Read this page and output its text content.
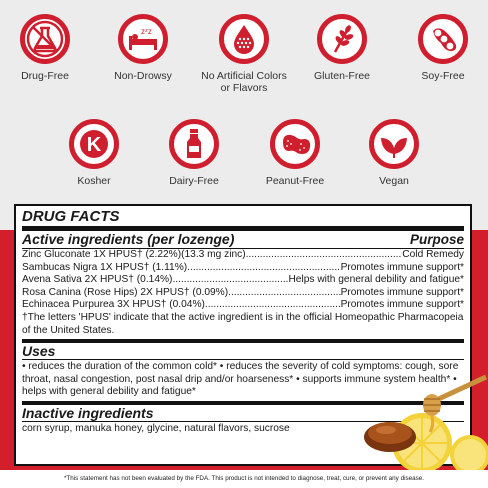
Drug-Free
zᶻz
Non-Drowsy	No Artificial Colors or Flavors
Gluten-Free	Soy-Free
K
Kosher	Dairy-Free	Peanut-Free	Vegan
DRUG FACTS
Active ingredients (per lozenge)	Purpose
Zinc Gluconate 1X HPUS† (2.22%)(13.3 mg zinc) .....	Cold Remedy
Sambucas Nigra 1X HPUS† (1.11%) .....	Promotes immune support*
Avena Sativa 2X HPUS† (0.14%) .....	Helps with general debility and fatigue*
Rosa Canina (Rose Hips) 2X HPUS† (0.09%) .....	Promotes immune support*
Echinacea Purpurea 3X HPUS† (0.04%) .....	Promotes immune support*
†The letters 'HPUS' indicate that the active ingredient is in the official Homeopathic Pharmacopeia of the United States.
Uses
• reduces the duration of the common cold* • reduces the severity of cold symptoms: cough, sore throat, nasal congestion, post nasal drip and/or hoarseness* • supports immune system health* • helps with general debility and fatigue*
Inactive ingredients
corn syrup, manuka honey, glycine, natural flavors, sucrose
*This statement has not been evaluated by the FDA. This product is not intended to diagnose, treat, cure, or prevent any disease.
